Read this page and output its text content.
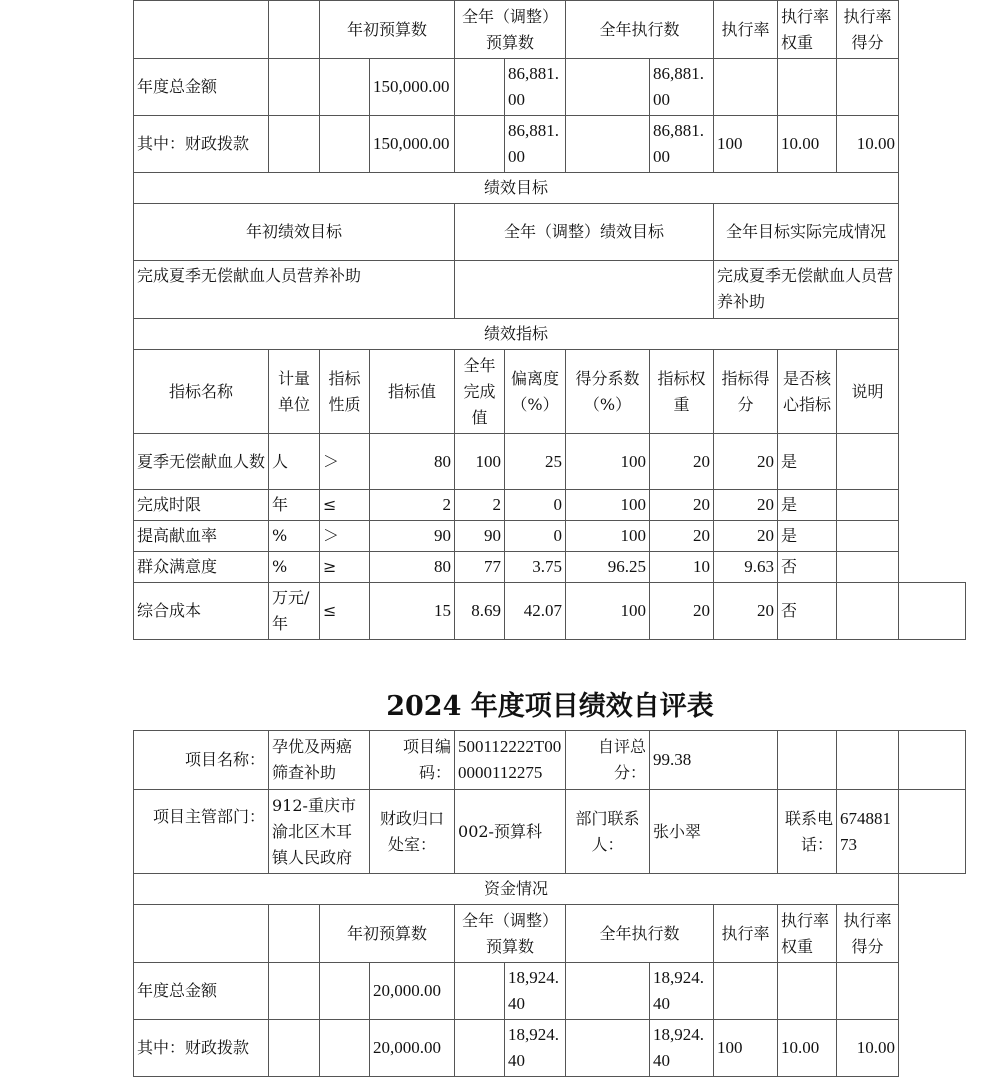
		年初预算数		全年（调整）预算数		全年执行数		执行率	执行率权重	执行率得分	
年度总金额			150,000.00		86,881.00		86,881.00				
其中：财政拨款			150,000.00		86,881.00		86,881.00	100	10.00	10.00	
绩效目标											
年初绩效目标				全年（调整）绩效目标				全年目标实际完成情况			
完成夏季无偿献血人员营养补助								完成夏季无偿献血人员营养补助			
绩效指标											
指标名称	计量单位	指标性质	指标值	全年完成值	偏离度（%）	得分系数（%）	指标权重	指标得分	是否核心指标	说明	
夏季无偿献血人数	人	＞	80	100	25	100	20	20	是		
完成时限	年	≤	2	2	0	100	20	20	是		
提高献血率	%	＞	90	90	0	100	20	20	是		
群众满意度	%	≥	80	77	3.75	96.25	10	9.63	否		
综合成本	万元/年	≤	15	8.69	42.07	100	20	20	否		
2024 年度项目绩效自评表
项目名称：	孕优及两癌筛查补助		项目编码：	500112222T000000112275		自评总分：	99.38				
项目主管部门：	912-重庆市渝北区木耳镇人民政府		财政归口处室：	002-预算科		部门联系人：	张小翠		联系电话：	67488173	
资金情况											
		年初预算数		全年（调整）预算数		全年执行数		执行率	执行率权重	执行率得分	
年度总金额			20,000.00		18,924.40		18,924.40				
其中：财政拨款			20,000.00		18,924.40		18,924.40	100	10.00	10.00	
